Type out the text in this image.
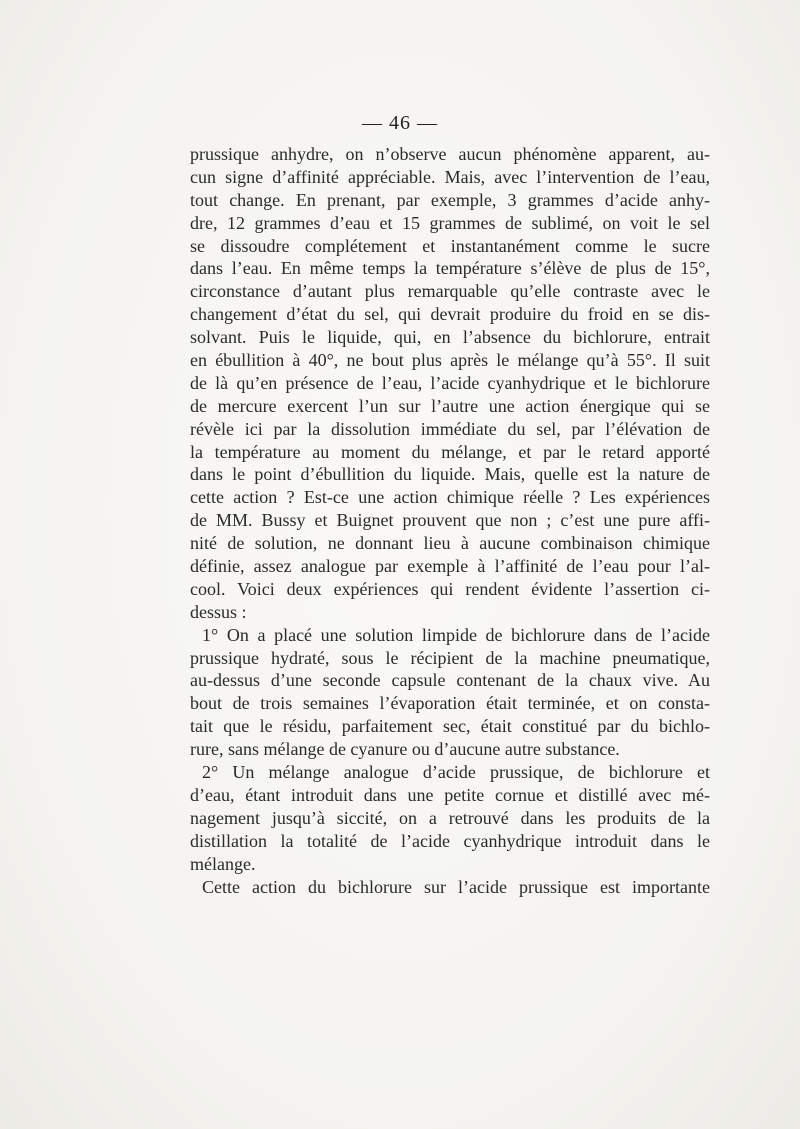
— 46 —
prussique anhydre, on n’observe aucun phénomène apparent, au-
cun signe d’affinité appréciable. Mais, avec l’intervention de l’eau,
tout change. En prenant, par exemple, 3 grammes d’acide anhy-
dre, 12 grammes d’eau et 15 grammes de sublimé, on voit le sel
se dissoudre complétement et instantanément comme le sucre
dans l’eau. En même temps la température s’élève de plus de 15°,
circonstance d’autant plus remarquable qu’elle contraste avec le
changement d’état du sel, qui devrait produire du froid en se dis-
solvant. Puis le liquide, qui, en l’absence du bichlorure, entrait
en ébullition à 40°, ne bout plus après le mélange qu’à 55°. Il suit
de là qu’en présence de l’eau, l’acide cyanhydrique et le bichlorure
de mercure exercent l’un sur l’autre une action énergique qui se
révèle ici par la dissolution immédiate du sel, par l’élévation de
la température au moment du mélange, et par le retard apporté
dans le point d’ébullition du liquide. Mais, quelle est la nature de
cette action ? Est-ce une action chimique réelle ? Les expériences
de MM. Bussy et Buignet prouvent que non ; c’est une pure affi-
nité de solution, ne donnant lieu à aucune combinaison chimique
définie, assez analogue par exemple à l’affinité de l’eau pour l’al-
cool. Voici deux expériences qui rendent évidente l’assertion ci-
dessus :
1° On a placé une solution limpide de bichlorure dans de l’acide
prussique hydraté, sous le récipient de la machine pneumatique,
au-dessus d’une seconde capsule contenant de la chaux vive. Au
bout de trois semaines l’évaporation était terminée, et on consta-
tait que le résidu, parfaitement sec, était constitué par du bichlo-
rure, sans mélange de cyanure ou d’aucune autre substance.
2° Un mélange analogue d’acide prussique, de bichlorure et
d’eau, étant introduit dans une petite cornue et distillé avec mé-
nagement jusqu’à siccité, on a retrouvé dans les produits de la
distillation la totalité de l’acide cyanhydrique introduit dans le
mélange.
Cette action du bichlorure sur l’acide prussique est importante
